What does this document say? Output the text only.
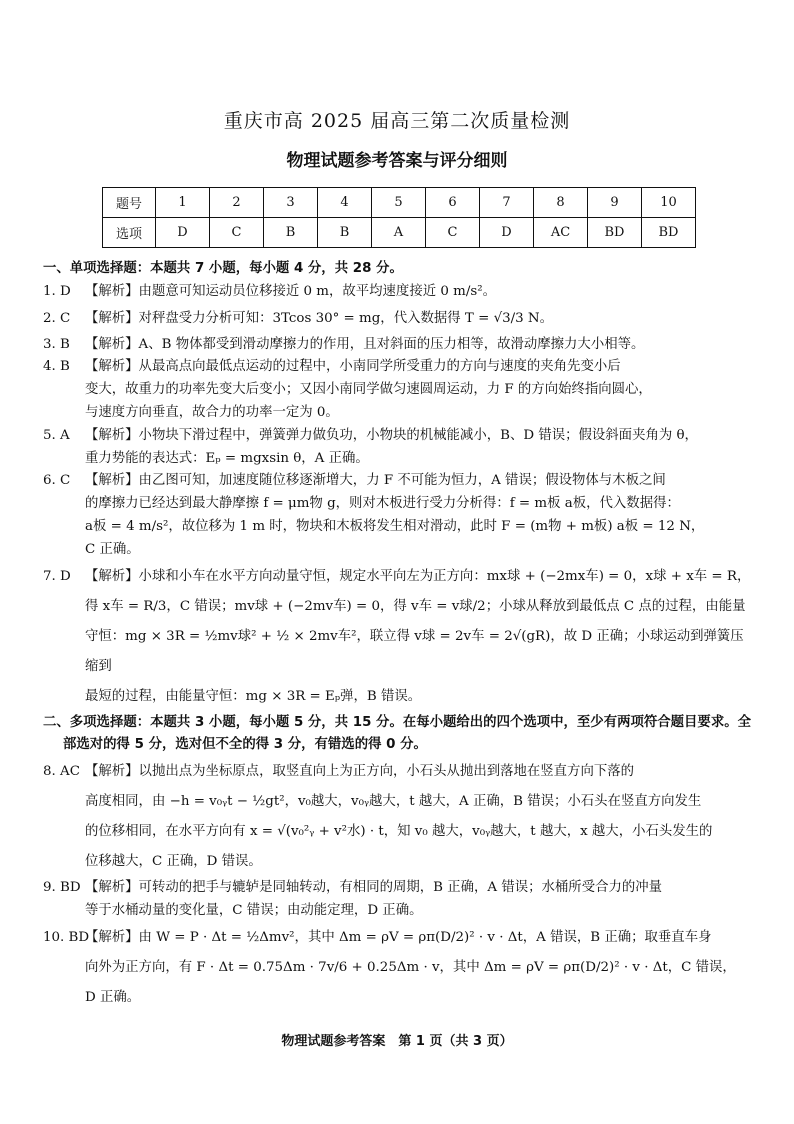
重庆市高 2025 届高三第二次质量检测
物理试题参考答案与评分细则
题号	1	2	3	4	5	6	7	8	9	10
选项	D	C	B	B	A	C	D	AC	BD	BD

一、单项选择题：本题共 7 小题，每小题 4 分，共 28 分。

1. D 【解析】由题意可知运动员位移接近 0 m，故平均速度接近 0 m/s²。

2. C 【解析】对秤盘受力分析可知：3Tcos 30° = mg，代入数据得 T = √3/3 N。

3. B 【解析】A、B 物体都受到滑动摩擦力的作用，且对斜面的压力相等，故滑动摩擦力大小相等。

4. B 【解析】从最高点向最低点运动的过程中，小南同学所受重力的方向与速度的夹角先变小后

变大，故重力的功率先变大后变小；又因小南同学做匀速圆周运动，力 F 的方向始终指向圆心，

与速度方向垂直，故合力的功率一定为 0。

5. A 【解析】小物块下滑过程中，弹簧弹力做负功，小物块的机械能减小，B、D 错误；假设斜面夹角为 θ，

重力势能的表达式：Eₚ = mgxsin θ，A 正确。

6. C 【解析】由乙图可知，加速度随位移逐渐增大，力 F 不可能为恒力，A 错误；假设物体与木板之间

的摩擦力已经达到最大静摩擦 f = μm物 g，则对木板进行受力分析得：f = m板 a板，代入数据得：

a板 = 4 m/s²，故位移为 1 m 时，物块和木板将发生相对滑动，此时 F = (m物 + m板) a板 = 12 N，

C 正确。

7. D 【解析】小球和小车在水平方向动量守恒，规定水平向左为正方向：mx球 + (−2mx车) = 0，x球 + x车 = R，

得 x车 = R/3，C 错误；mv球 + (−2mv车) = 0，得 v车 = v球/2；小球从释放到最低点 C 点的过程，由能量

守恒：mg × 3R = ½mv球² + ½ × 2mv车²，联立得 v球 = 2v车 = 2√(gR)，故 D 正确；小球运动到弹簧压缩到

最短的过程，由能量守恒：mg × 3R = Eₚ弹，B 错误。

二、多项选择题：本题共 3 小题，每小题 5 分，共 15 分。在每小题给出的四个选项中，至少有两项符合题目要求。全部选对的得 5 分，选对但不全的得 3 分，有错选的得 0 分。

8. AC 【解析】以抛出点为坐标原点，取竖直向上为正方向，小石头从抛出到落地在竖直方向下落的

高度相同，由 −h = v₀ᵧt − ½gt²，v₀越大，v₀ᵧ越大，t 越大，A 正确，B 错误；小石头在竖直方向发生

的位移相同，在水平方向有 x = √(v₀²ᵧ + v²水) · t，知 v₀ 越大，v₀ᵧ越大，t 越大，x 越大，小石头发生的

位移越大，C 正确，D 错误。

9. BD 【解析】可转动的把手与辘轳是同轴转动，有相同的周期，B 正确，A 错误；水桶所受合力的冲量

等于水桶动量的变化量，C 错误；由动能定理，D 正确。

10. BD

【解析】由 W = P · Δt = ½Δmv²，其中 Δm = ρV = ρπ(D/2)² · v · Δt，A 错误，B 正确；取垂直车身

向外为正方向，有 F · Δt = 0.75Δm · 7v/6 + 0.25Δm · v，其中 Δm = ρV = ρπ(D/2)² · v · Δt，C 错误，

D 正确。

物理试题参考答案　第 1 页（共 3 页）
